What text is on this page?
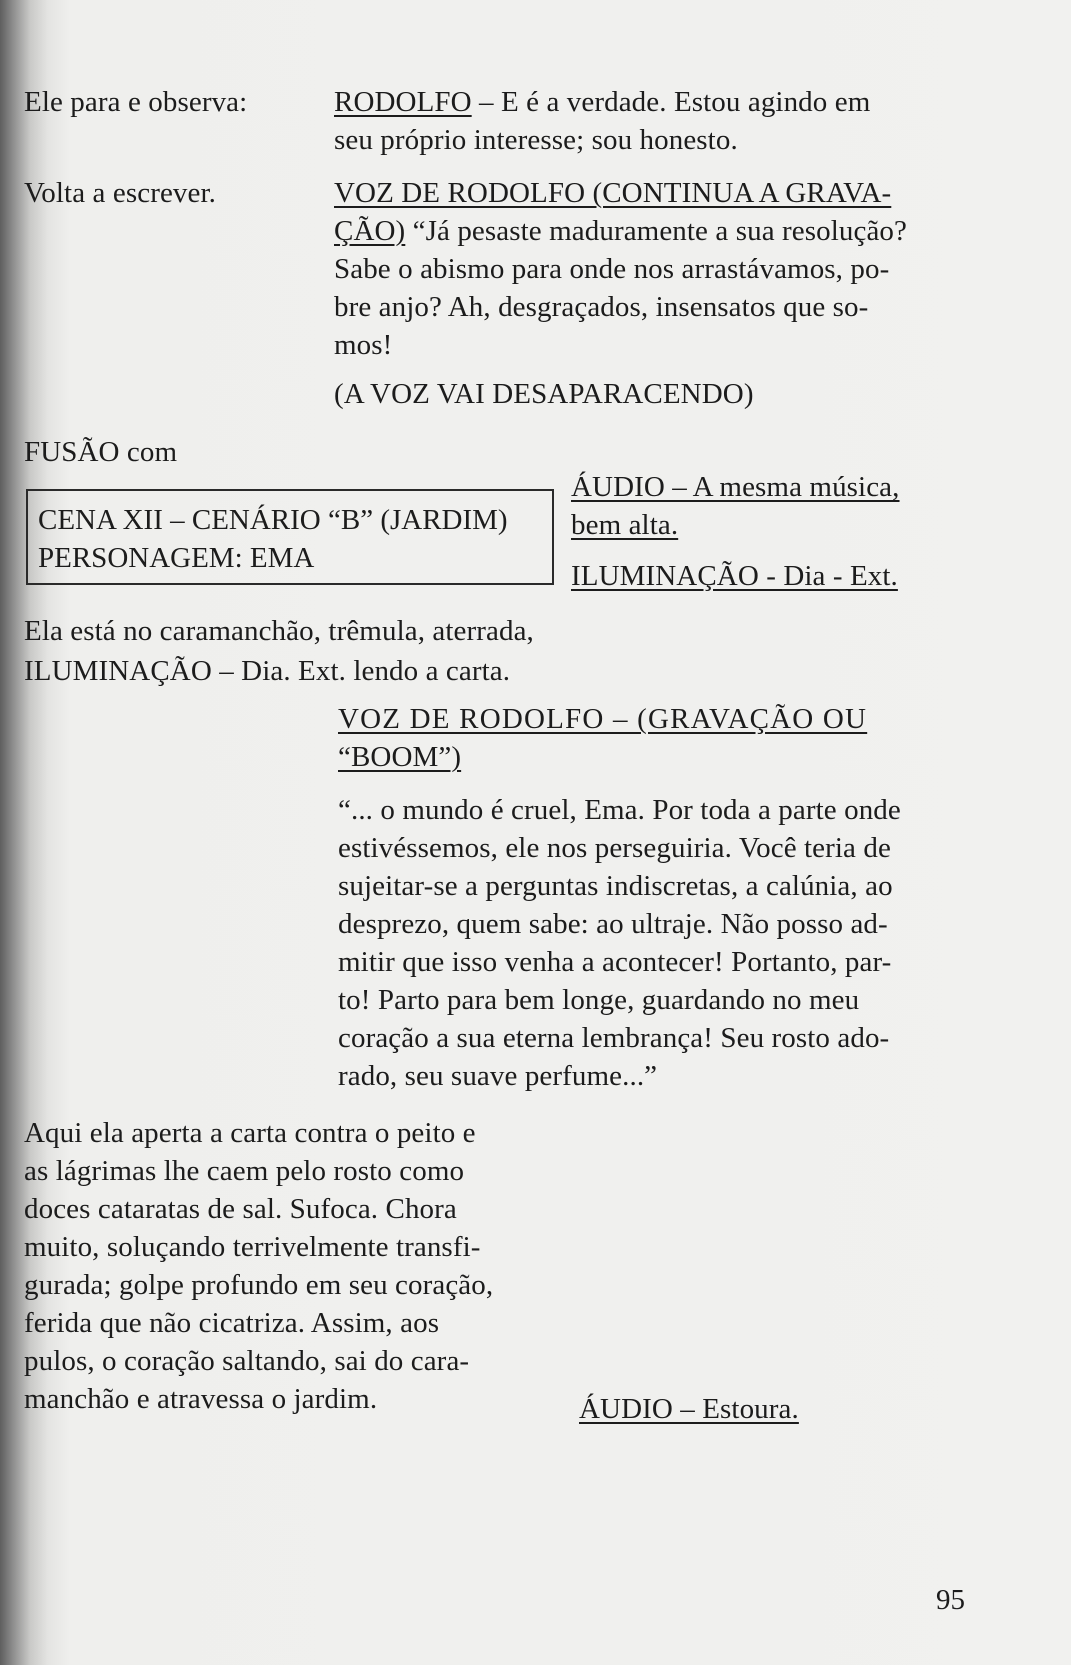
Ele para e observa:
Volta a escrever.
RODOLFO – E é a verdade. Estou agindo em
seu próprio interesse; sou honesto.
VOZ DE RODOLFO (CONTINUA A GRAVA-
ÇÃO) “Já pesaste maduramente a sua resolução?
Sabe o abismo para onde nos arrastávamos, po-
bre anjo? Ah, desgraçados, insensatos que so-
mos!
(A VOZ VAI DESAPARACENDO)
FUSÃO com
CENA XII – CENÁRIO “B” (JARDIM)
PERSONAGEM: EMA
ÁUDIO – A mesma música,
bem alta.
ILUMINAÇÃO - Dia - Ext.
Ela está no caramanchão, trêmula, aterrada,
ILUMINAÇÃO – Dia. Ext. lendo a carta.
VOZ DE RODOLFO – (GRAVAÇÃO OU
“BOOM”)
“... o mundo é cruel, Ema. Por toda a parte onde
estivéssemos, ele nos perseguiria. Você teria de
sujeitar-se a perguntas indiscretas, a calúnia, ao
desprezo, quem sabe: ao ultraje. Não posso ad-
mitir que isso venha a acontecer! Portanto, par-
to! Parto para bem longe, guardando no meu
coração a sua eterna lembrança! Seu rosto ado-
rado, seu suave perfume...”
Aqui ela aperta a carta contra o peito e
as lágrimas lhe caem pelo rosto como
doces cataratas de sal. Sufoca. Chora
muito, soluçando terrivelmente transfi-
gurada; golpe profundo em seu coração,
ferida que não cicatriza. Assim, aos
pulos, o coração saltando, sai do cara-
manchão e atravessa o jardim.	ÁUDIO – Estoura.
95
